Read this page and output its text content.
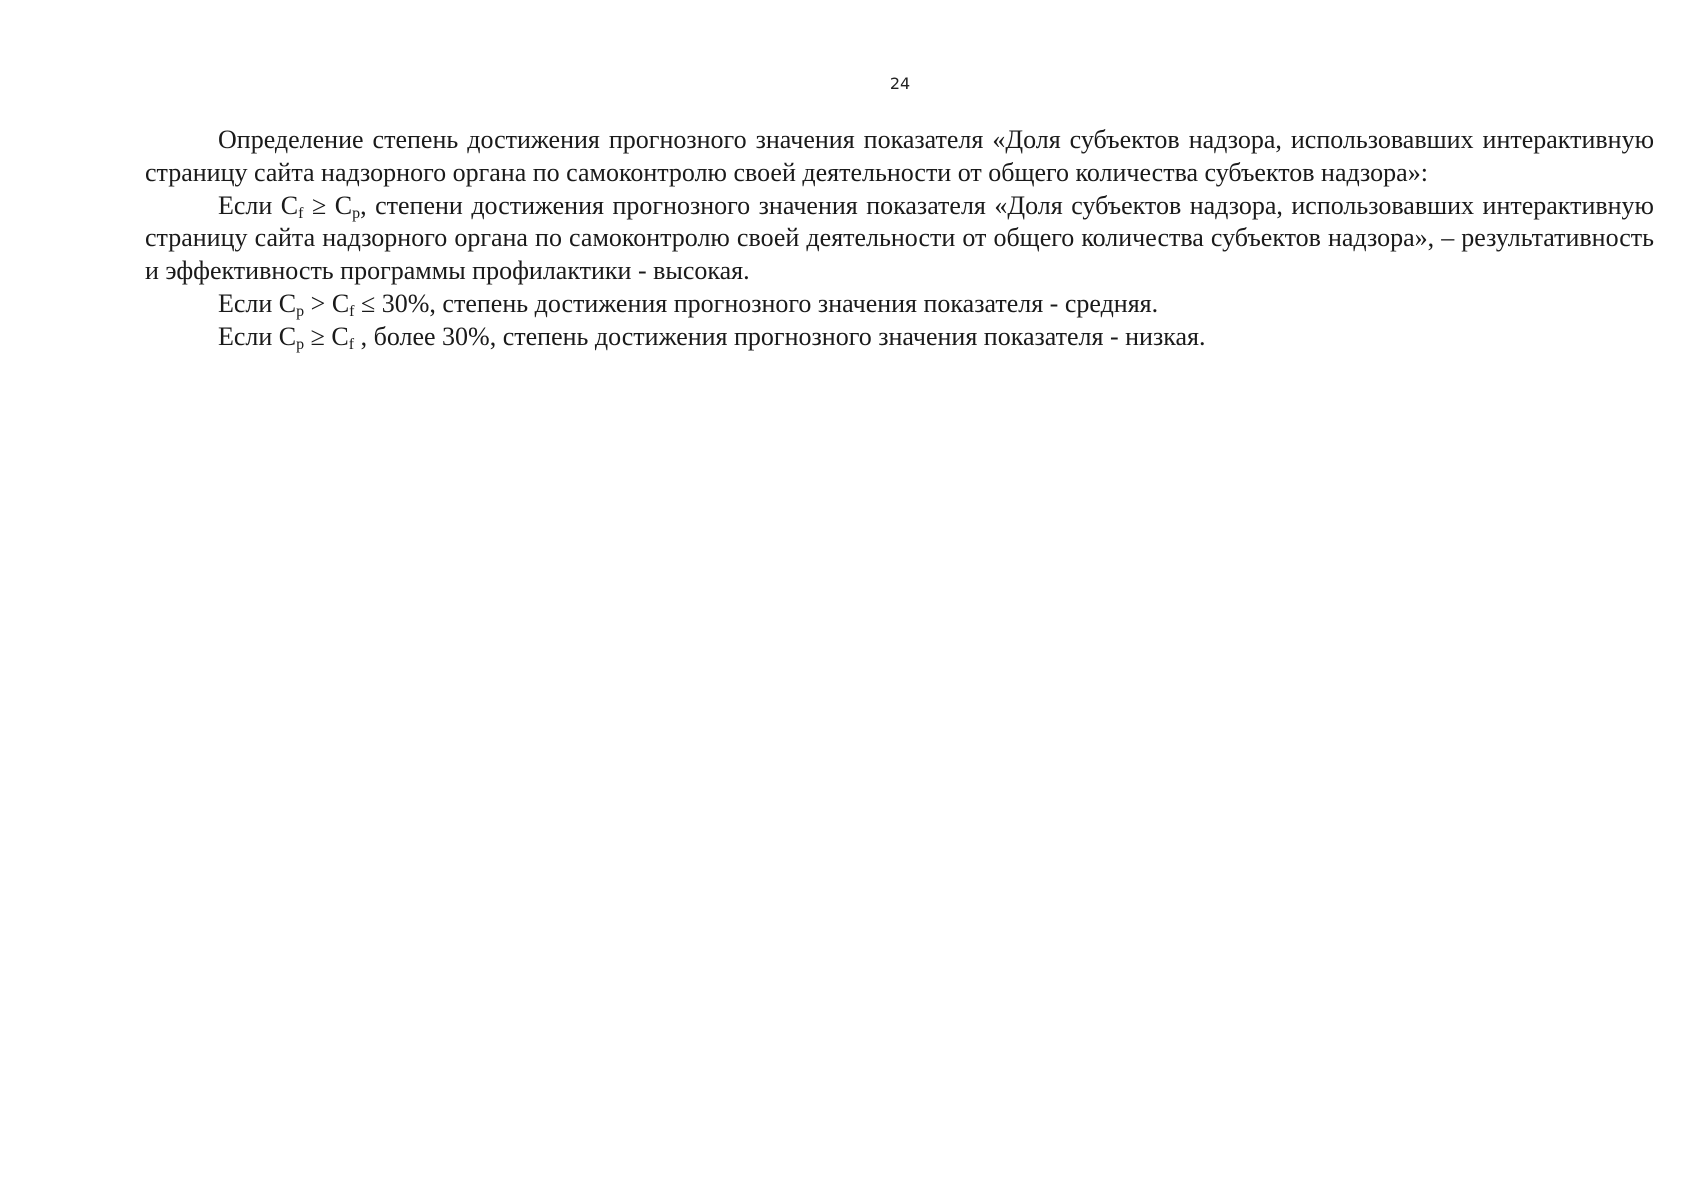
24

Определение степень достижения прогнозного значения показателя «Доля субъектов надзора, использовавших интерактивную страницу сайта надзорного органа по самоконтролю своей деятельности от общего количества субъектов надзора»:

Если $C_f \ge C_p$, степени достижения прогнозного значения показателя «Доля субъектов надзора, использовавших интерактивную страницу сайта надзорного органа по самоконтролю своей деятельности от общего количества субъектов надзора», – результативность и эффективность программы профилактики - высокая.

Если $C_p > C_f \le 30\%$, степень достижения прогнозного значения показателя - средняя.

Если $C_p \ge C_f$ , более 30%, степень достижения прогнозного значения показателя - низкая.
